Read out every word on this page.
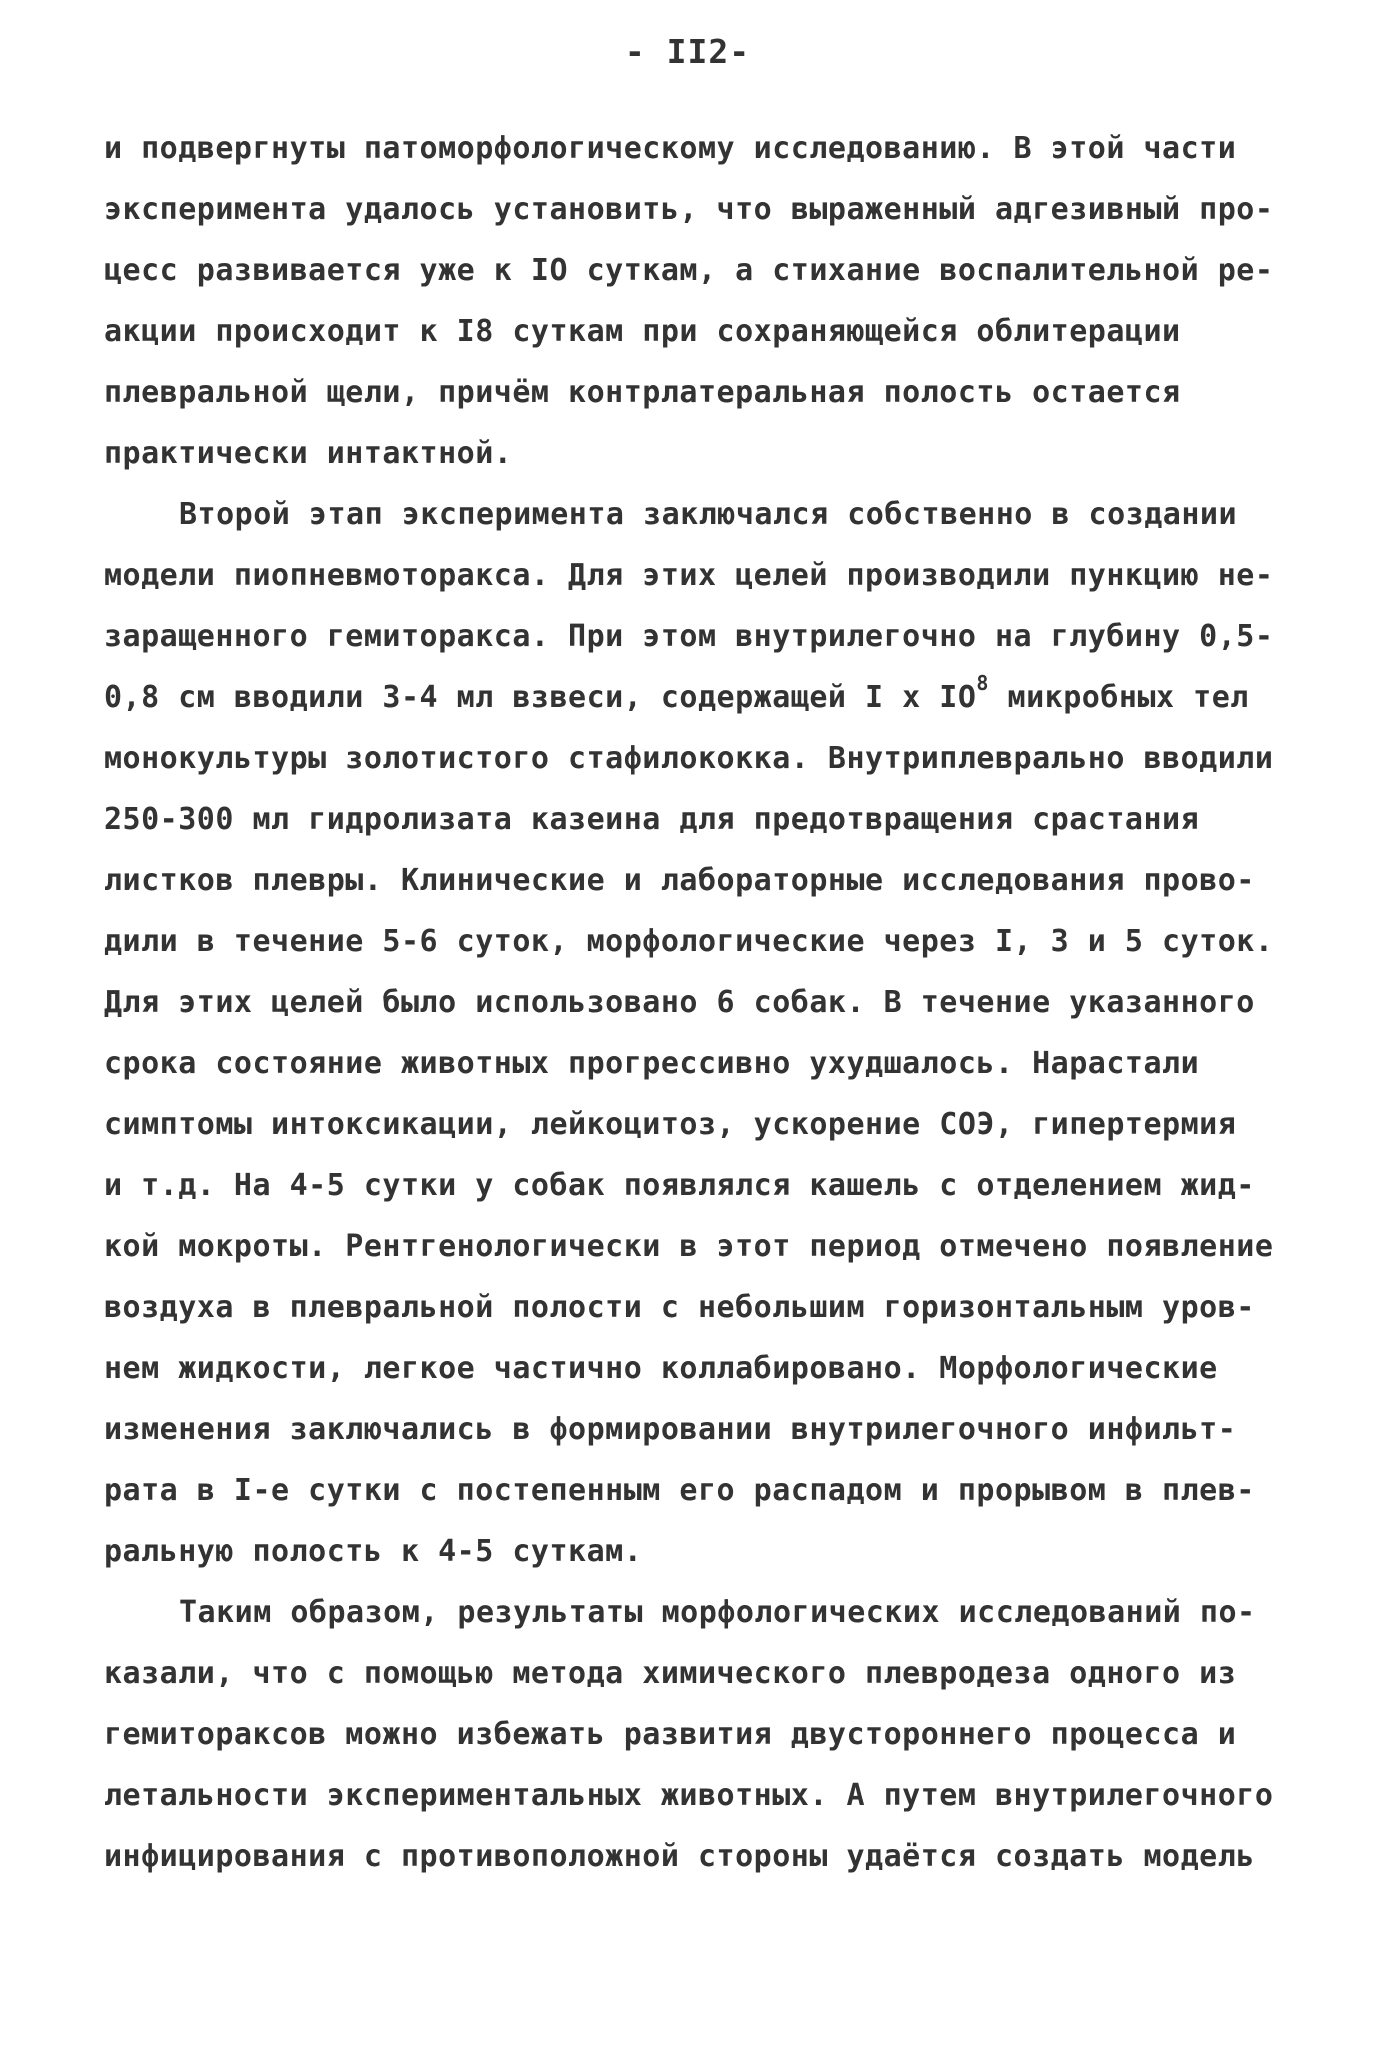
- II2-
и подвергнуты патоморфологическому исследованию. В этой части
эксперимента удалось установить, что выраженный адгезивный про-
цесс развивается уже к IO суткам, а стихание воспалительной ре-
акции происходит к I8 суткам при сохраняющейся облитерации
плевральной щели, причём контрлатеральная полость остается
практически интактной.
Второй этап эксперимента заключался собственно в создании
модели пиопневмоторакса. Для этих целей производили пункцию не-
заращенного гемиторакса. При этом внутрилегочно на глубину 0,5-
0,8 см вводили 3-4 мл взвеси, содержащей I x $IO^8$ микробных тел
монокультуры золотистого стафилококка. Внутриплеврально вводили
250-300 мл гидролизата казеина для предотвращения срастания
листков плевры. Клинические и лабораторные исследования прово-
дили в течение 5-6 суток, морфологические через I, 3 и 5 суток.
Для этих целей было использовано 6 собак. В течение указанного
срока состояние животных прогрессивно ухудшалось. Нарастали
симптомы интоксикации, лейкоцитоз, ускорение СОЭ, гипертермия
и т.д. На 4-5 сутки у собак появлялся кашель с отделением жид-
кой мокроты. Рентгенологически в этот период отмечено появление
воздуха в плевральной полости с небольшим горизонтальным уров-
нем жидкости, легкое частично коллабировано. Морфологические
изменения заключались в формировании внутрилегочного инфильт-
рата в I-е сутки с постепенным его распадом и прорывом в плев-
ральную полость к 4-5 суткам.
Таким образом, результаты морфологических исследований по-
казали, что с помощью метода химического плевродеза одного из
гемитораксов можно избежать развития двустороннего процесса и
летальности экспериментальных животных. А путем внутрилегочного
инфицирования с противоположной стороны удаётся создать модель
